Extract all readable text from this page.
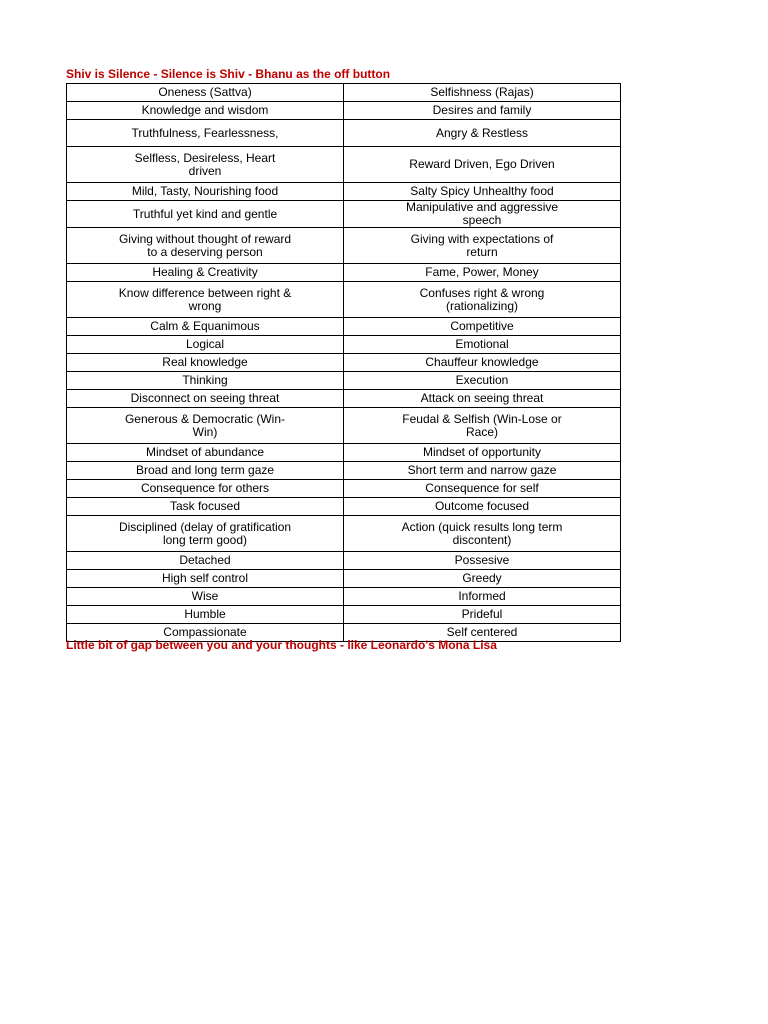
Shiv is Silence - Silence is Shiv - Bhanu as the off button
Oneness (Sattva)	Selfishness (Rajas)
Knowledge and wisdom	Desires and family
Truthfulness, Fearlessness,	Angry & Restless
Selfless, Desireless, Heart driven	Reward Driven, Ego Driven
Mild, Tasty, Nourishing food	Salty Spicy Unhealthy food
Truthful yet kind and gentle	Manipulative and aggressive speech
Giving without thought of reward to a deserving person	Giving with expectations of return
Healing & Creativity	Fame, Power, Money
Know difference between right & wrong	Confuses right & wrong (rationalizing)
Calm & Equanimous	Competitive
Logical	Emotional
Real knowledge	Chauffeur knowledge
Thinking	Execution
Disconnect on seeing threat	Attack on seeing threat
Generous & Democratic (Win-Win)	Feudal & Selfish (Win-Lose or Race)
Mindset of abundance	Mindset of opportunity
Broad and long term gaze	Short term and narrow gaze
Consequence for others	Consequence for self
Task focused	Outcome focused
Disciplined (delay of gratification long term good)	Action (quick results long term discontent)
Detached	Possesive
High self control	Greedy
Wise	Informed
Humble	Prideful
Compassionate	Self centered
Little bit of gap between you and your thoughts - like Leonardo's Mona Lisa
